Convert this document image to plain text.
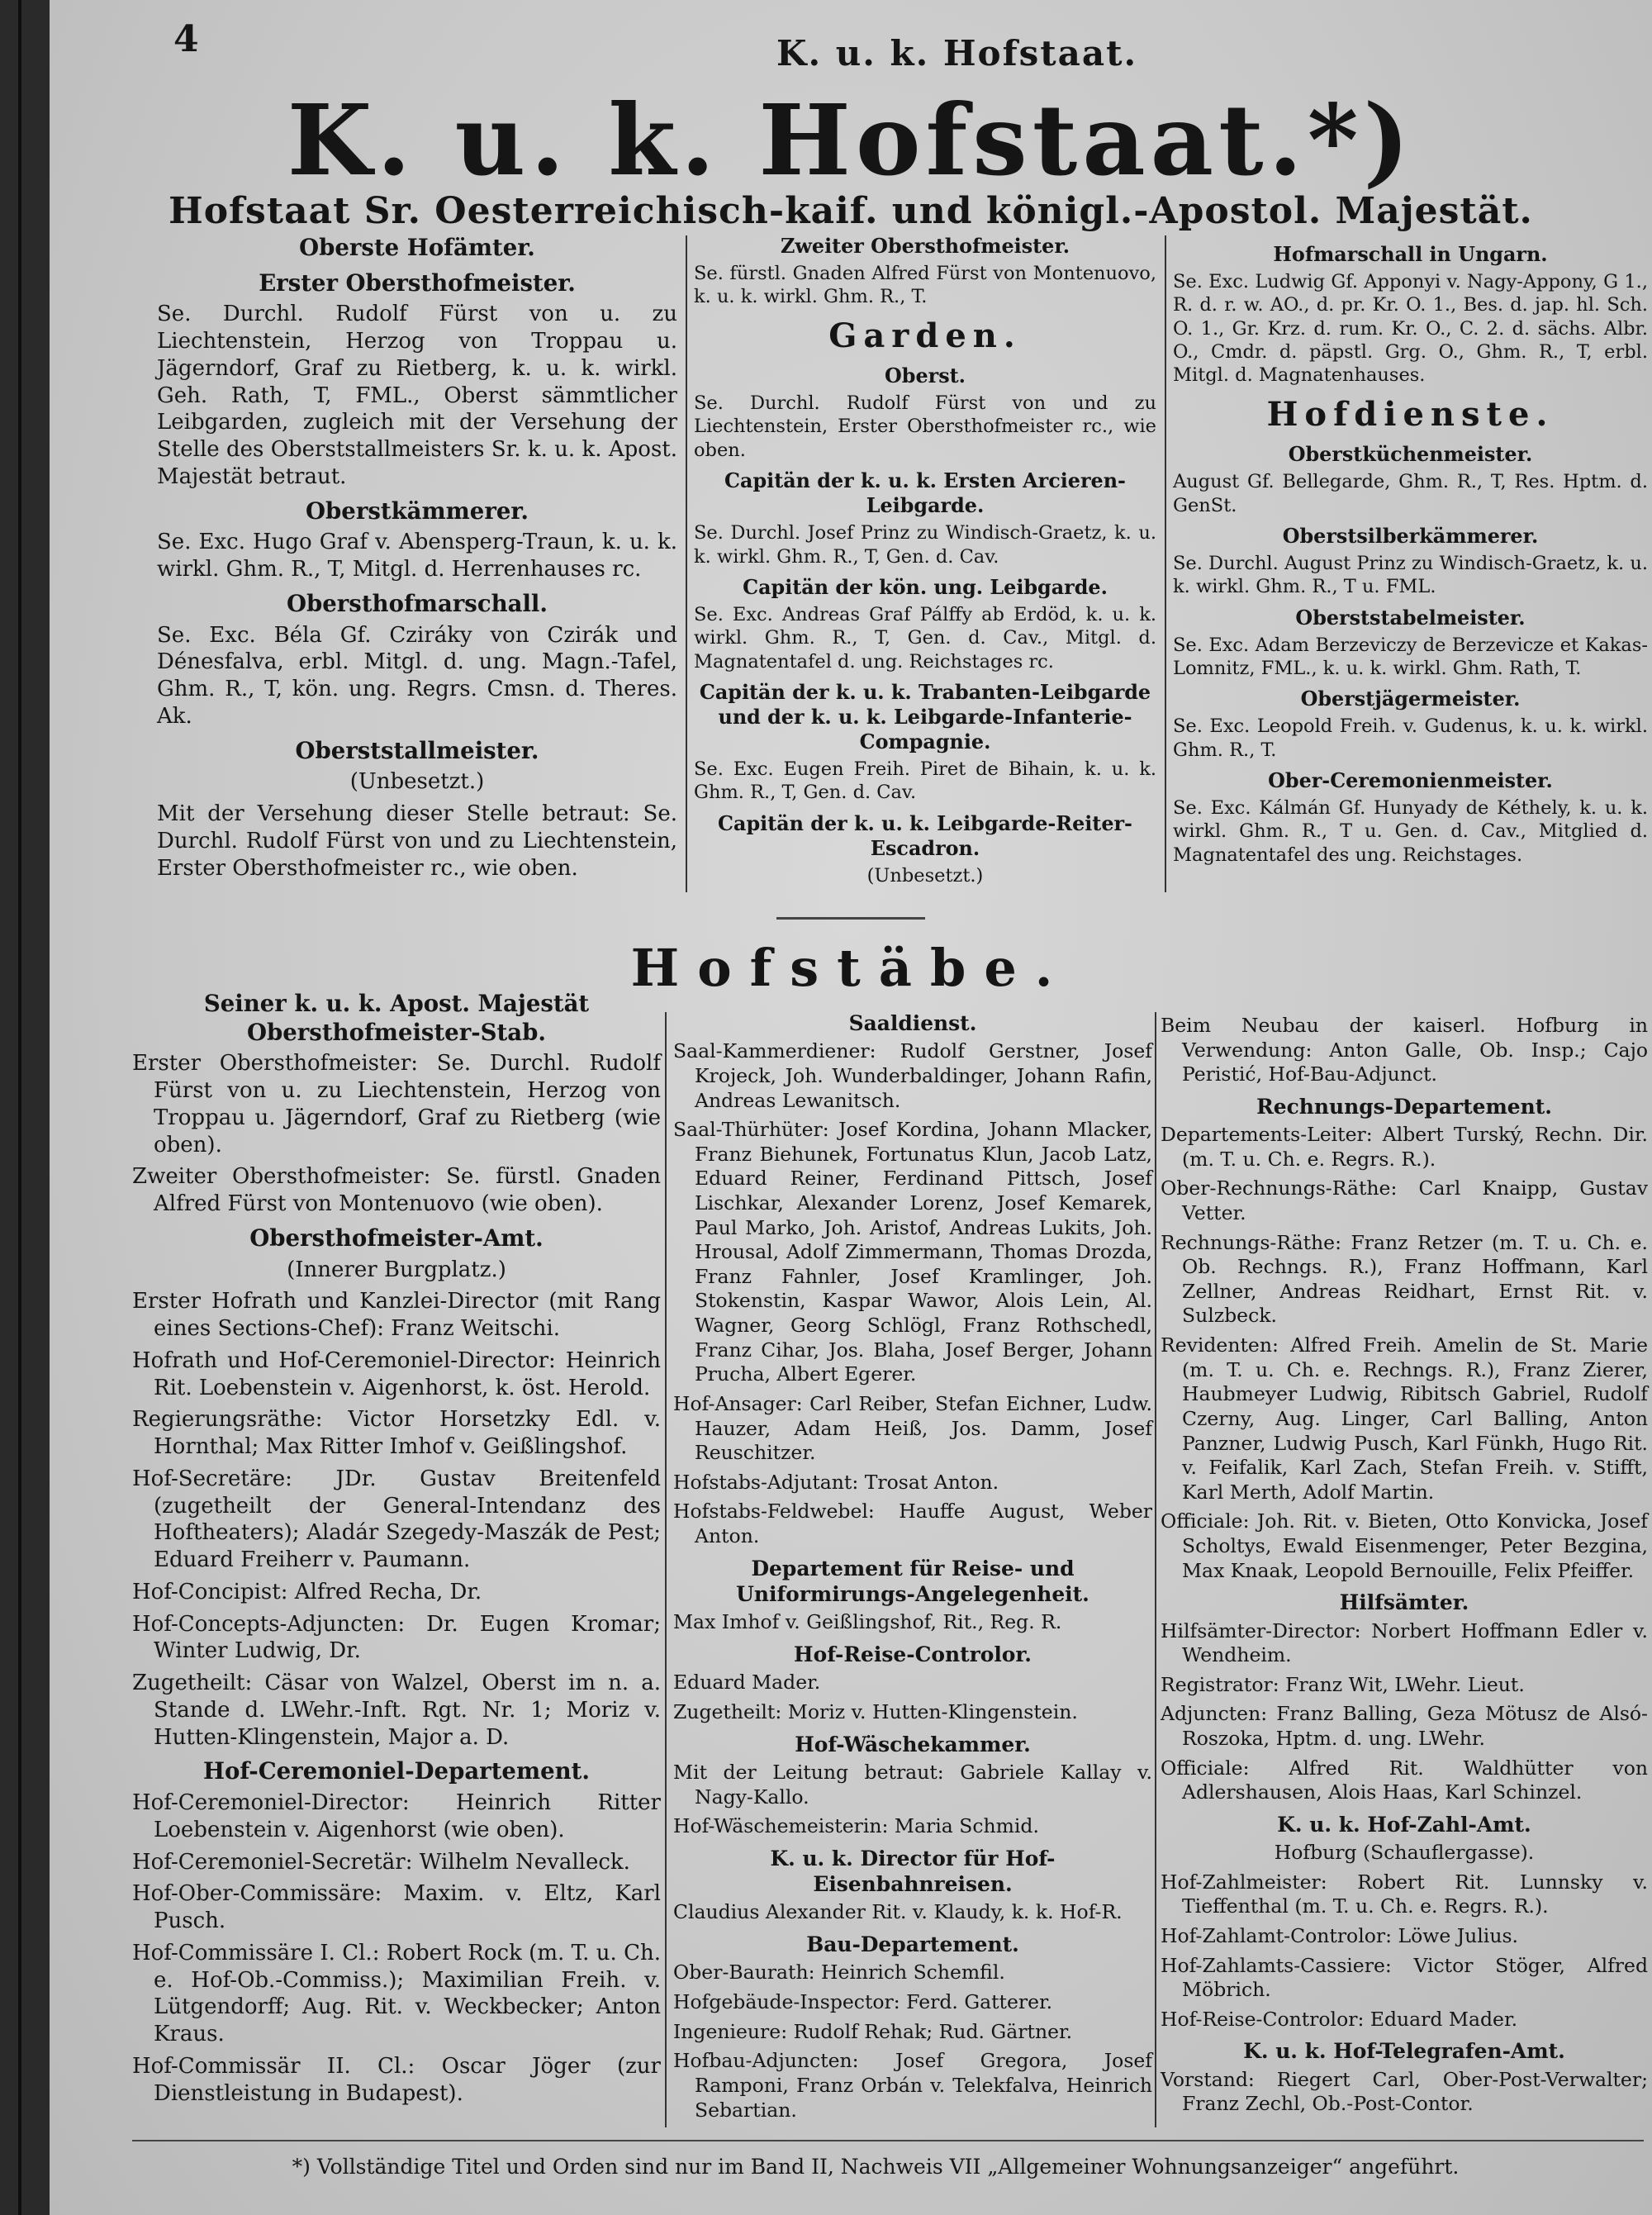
4	K. u. k. Hofstaat.
K. u. k. Hofstaat.*)
Hofstaat Sr. Oesterreichisch-kaif. und königl.-Apostol. Majestät.
Oberste Hofämter.
Erster Obersthofmeister.

Se. Durchl. Rudolf Fürst von u. zu Liechtenstein, Herzog von Troppau u. Jägerndorf, Graf zu Rietberg, k. u. k. wirkl. Geh. Rath, T, FML., Oberst sämmtlicher Leibgarden, zugleich mit der Versehung der Stelle des Oberststallmeisters Sr. k. u. k. Apost. Majestät betraut.

Oberstkämmerer.

Se. Exc. Hugo Graf v. Abensperg-Traun, k. u. k. wirkl. Ghm. R., T, Mitgl. d. Herrenhauses rc.

Obersthofmarschall.

Se. Exc. Béla Gf. Cziráky von Czirák und Dénesfalva, erbl. Mitgl. d. ung. Magn.-Tafel, Ghm. R., T, kön. ung. Regrs. Cmsn. d. Theres. Ak.

Oberststallmeister.

(Unbesetzt.)

Mit der Versehung dieser Stelle betraut: Se. Durchl. Rudolf Fürst von und zu Liechtenstein, Erster Obersthofmeister rc., wie oben.

Zweiter Obersthofmeister.

Se. fürstl. Gnaden Alfred Fürst von Montenuovo, k. u. k. wirkl. Ghm. R., T.

Garden.
Oberst.

Se. Durchl. Rudolf Fürst von und zu Liechtenstein, Erster Obersthofmeister rc., wie oben.

Capitän der k. u. k. Ersten Arcieren-Leibgarde.

Se. Durchl. Josef Prinz zu Windisch-Graetz, k. u. k. wirkl. Ghm. R., T, Gen. d. Cav.

Capitän der kön. ung. Leibgarde.

Se. Exc. Andreas Graf Pálffy ab Erdöd, k. u. k. wirkl. Ghm. R., T, Gen. d. Cav., Mitgl. d. Magnatentafel d. ung. Reichstages rc.

Capitän der k. u. k. Trabanten-Leibgarde und der k. u. k. Leibgarde-Infanterie-Compagnie.

Se. Exc. Eugen Freih. Piret de Bihain, k. u. k. Ghm. R., T, Gen. d. Cav.

Capitän der k. u. k. Leibgarde-Reiter-Escadron.

(Unbesetzt.)

Hofmarschall in Ungarn.

Se. Exc. Ludwig Gf. Apponyi v. Nagy-Appony, G 1., R. d. r. w. AO., d. pr. Kr. O. 1., Bes. d. jap. hl. Sch. O. 1., Gr. Krz. d. rum. Kr. O., C. 2. d. sächs. Albr. O., Cmdr. d. päpstl. Grg. O., Ghm. R., T, erbl. Mitgl. d. Magnatenhauses.

Hofdienste.
Oberstküchenmeister.

August Gf. Bellegarde, Ghm. R., T, Res. Hptm. d. GenSt.

Oberstsilberkämmerer.

Se. Durchl. August Prinz zu Windisch-Graetz, k. u. k. wirkl. Ghm. R., T u. FML.

Oberststabelmeister.

Se. Exc. Adam Berzeviczy de Berzevicze et Kakas-Lomnitz, FML., k. u. k. wirkl. Ghm. Rath, T.

Oberstjägermeister.

Se. Exc. Leopold Freih. v. Gudenus, k. u. k. wirkl. Ghm. R., T.

Ober-Ceremonienmeister.

Se. Exc. Kálmán Gf. Hunyady de Kéthely, k. u. k. wirkl. Ghm. R., T u. Gen. d. Cav., Mitglied d. Magnatentafel des ung. Reichstages.

Hofstäbe.
Seiner k. u. k. Apost. Majestät Obersthofmeister-Stab.

Erster Obersthofmeister: Se. Durchl. Rudolf Fürst von u. zu Liechtenstein, Herzog von Troppau u. Jägerndorf, Graf zu Rietberg (wie oben).

Zweiter Obersthofmeister: Se. fürstl. Gnaden Alfred Fürst von Montenuovo (wie oben).

Obersthofmeister-Amt.

(Innerer Burgplatz.)

Erster Hofrath und Kanzlei-Director (mit Rang eines Sections-Chef): Franz Weitschi.

Hofrath und Hof-Ceremoniel-Director: Heinrich Rit. Loebenstein v. Aigenhorst, k. öst. Herold.

Regierungsräthe: Victor Horsetzky Edl. v. Hornthal; Max Ritter Imhof v. Geißlingshof.

Hof-Secretäre: JDr. Gustav Breitenfeld (zugetheilt der General-Intendanz des Hoftheaters); Aladár Szegedy-Maszák de Pest; Eduard Freiherr v. Paumann.

Hof-Concipist: Alfred Recha, Dr.

Hof-Concepts-Adjuncten: Dr. Eugen Kromar; Winter Ludwig, Dr.

Zugetheilt: Cäsar von Walzel, Oberst im n. a. Stande d. LWehr.-Inft. Rgt. Nr. 1; Moriz v. Hutten-Klingenstein, Major a. D.

Hof-Ceremoniel-Departement.

Hof-Ceremoniel-Director: Heinrich Ritter Loebenstein v. Aigenhorst (wie oben).

Hof-Ceremoniel-Secretär: Wilhelm Nevalleck.

Hof-Ober-Commissäre: Maxim. v. Eltz, Karl Pusch.

Hof-Commissäre I. Cl.: Robert Rock (m. T. u. Ch. e. Hof-Ob.-Commiss.); Maximilian Freih. v. Lütgendorff; Aug. Rit. v. Weckbecker; Anton Kraus.

Hof-Commissär II. Cl.: Oscar Jöger (zur Dienstleistung in Budapest).

Saaldienst.

Saal-Kammerdiener: Rudolf Gerstner, Josef Krojeck, Joh. Wunderbaldinger, Johann Rafin, Andreas Lewanitsch.

Saal-Thürhüter: Josef Kordina, Johann Mlacker, Franz Biehunek, Fortunatus Klun, Jacob Latz, Eduard Reiner, Ferdinand Pittsch, Josef Lischkar, Alexander Lorenz, Josef Kemarek, Paul Marko, Joh. Aristof, Andreas Lukits, Joh. Hrousal, Adolf Zimmermann, Thomas Drozda, Franz Fahnler, Josef Kramlinger, Joh. Stokenstin, Kaspar Wawor, Alois Lein, Al. Wagner, Georg Schlögl, Franz Rothschedl, Franz Cihar, Jos. Blaha, Josef Berger, Johann Prucha, Albert Egerer.

Hof-Ansager: Carl Reiber, Stefan Eichner, Ludw. Hauzer, Adam Heiß, Jos. Damm, Josef Reuschitzer.

Hofstabs-Adjutant: Trosat Anton.

Hofstabs-Feldwebel: Hauffe August, Weber Anton.

Departement für Reise- und Uniformirungs-Angelegenheit.

Max Imhof v. Geißlingshof, Rit., Reg. R.

Hof-Reise-Controlor.

Eduard Mader.

Zugetheilt: Moriz v. Hutten-Klingenstein.

Hof-Wäschekammer.

Mit der Leitung betraut: Gabriele Kallay v. Nagy-Kallo.

Hof-Wäschemeisterin: Maria Schmid.

K. u. k. Director für Hof-Eisenbahnreisen.

Claudius Alexander Rit. v. Klaudy, k. k. Hof-R.

Bau-Departement.

Ober-Baurath: Heinrich Schemfil.

Hofgebäude-Inspector: Ferd. Gatterer.

Ingenieure: Rudolf Rehak; Rud. Gärtner.

Hofbau-Adjuncten: Josef Gregora, Josef Ramponi, Franz Orbán v. Telekfalva, Heinrich Sebartian.

Beim Neubau der kaiserl. Hofburg in Verwendung: Anton Galle, Ob. Insp.; Cajo Peristić, Hof-Bau-Adjunct.

Rechnungs-Departement.

Departements-Leiter: Albert Turský, Rechn. Dir. (m. T. u. Ch. e. Regrs. R.).

Ober-Rechnungs-Räthe: Carl Knaipp, Gustav Vetter.

Rechnungs-Räthe: Franz Retzer (m. T. u. Ch. e. Ob. Rechngs. R.), Franz Hoffmann, Karl Zellner, Andreas Reidhart, Ernst Rit. v. Sulzbeck.

Revidenten: Alfred Freih. Amelin de St. Marie (m. T. u. Ch. e. Rechngs. R.), Franz Zierer, Haubmeyer Ludwig, Ribitsch Gabriel, Rudolf Czerny, Aug. Linger, Carl Balling, Anton Panzner, Ludwig Pusch, Karl Fünkh, Hugo Rit. v. Feifalik, Karl Zach, Stefan Freih. v. Stifft, Karl Merth, Adolf Martin.

Officiale: Joh. Rit. v. Bieten, Otto Konvicka, Josef Scholtys, Ewald Eisenmenger, Peter Bezgina, Max Knaak, Leopold Bernouille, Felix Pfeiffer.

Hilfsämter.

Hilfsämter-Director: Norbert Hoffmann Edler v. Wendheim.

Registrator: Franz Wit, LWehr. Lieut.

Adjuncten: Franz Balling, Geza Mötusz de Alsó-Roszoka, Hptm. d. ung. LWehr.

Officiale: Alfred Rit. Waldhütter von Adlershausen, Alois Haas, Karl Schinzel.

K. u. k. Hof-Zahl-Amt.

Hofburg (Schauflergasse).

Hof-Zahlmeister: Robert Rit. Lunnsky v. Tieffenthal (m. T. u. Ch. e. Regrs. R.).

Hof-Zahlamt-Controlor: Löwe Julius.

Hof-Zahlamts-Cassiere: Victor Stöger, Alfred Möbrich.

Hof-Reise-Controlor: Eduard Mader.

K. u. k. Hof-Telegrafen-Amt.

Vorstand: Riegert Carl, Ober-Post-Verwalter; Franz Zechl, Ob.-Post-Contor.

*) Vollständige Titel und Orden sind nur im Band II, Nachweis VII „Allgemeiner Wohnungsanzeiger“ angeführt.
